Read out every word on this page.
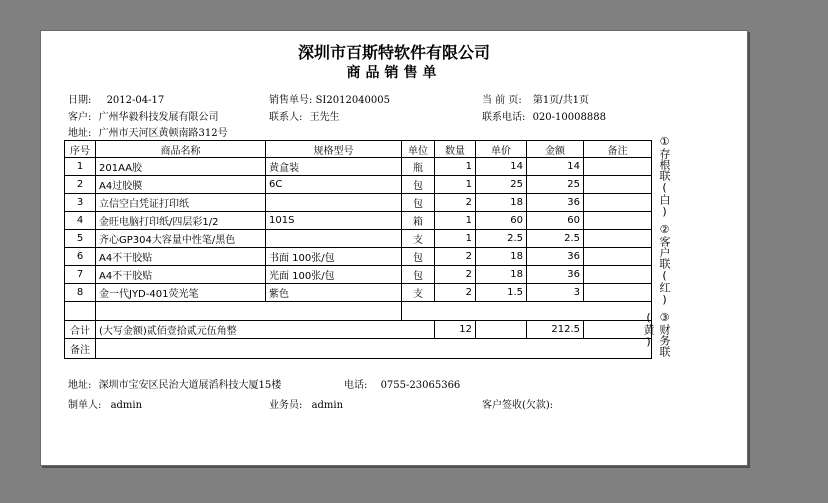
深圳市百斯特软件有限公司
商品销售单
日期: 2012-04-17	销售单号: SI2012040005	当 前 页: 第1页/共1页
客户: 广州华毅科技发展有限公司	联系人: 王先生	联系电话: 020-10008888
地址: 广州市天河区黄顿南路312号
序号	商品名称	规格型号	单位	数量	单价	金额	备注
1	201AA胶	黄盒装	瓶	1	14	14	
2	A4过胶膜	6C	包	1	25	25	
3	立信空白凭证打印纸		包	2	18	36	
4	金旺电脑打印纸/四层彩1/2	101S	箱	1	60	60	
5	齐心GP304大容量中性笔/黑色		支	1	2.5	2.5	
6	A4不干胶贴	书面 100张/包	包	2	18	36	
7	A4不干胶贴	光面 100张/包	包	2	18	36	
8	金一代JYD-401荧光笔	紫色	支	2	1.5	3	

合计	(大写金额)贰佰壹拾贰元伍角整			12		212.5	
备注							
①存根联(白)
②客户联(红)
③财务联(黄)
地址: 深圳市宝安区民治大道展滔科技大厦15楼	电话: 0755-23065366
制单人: admin	业务员: admin	客户签收(欠款):
